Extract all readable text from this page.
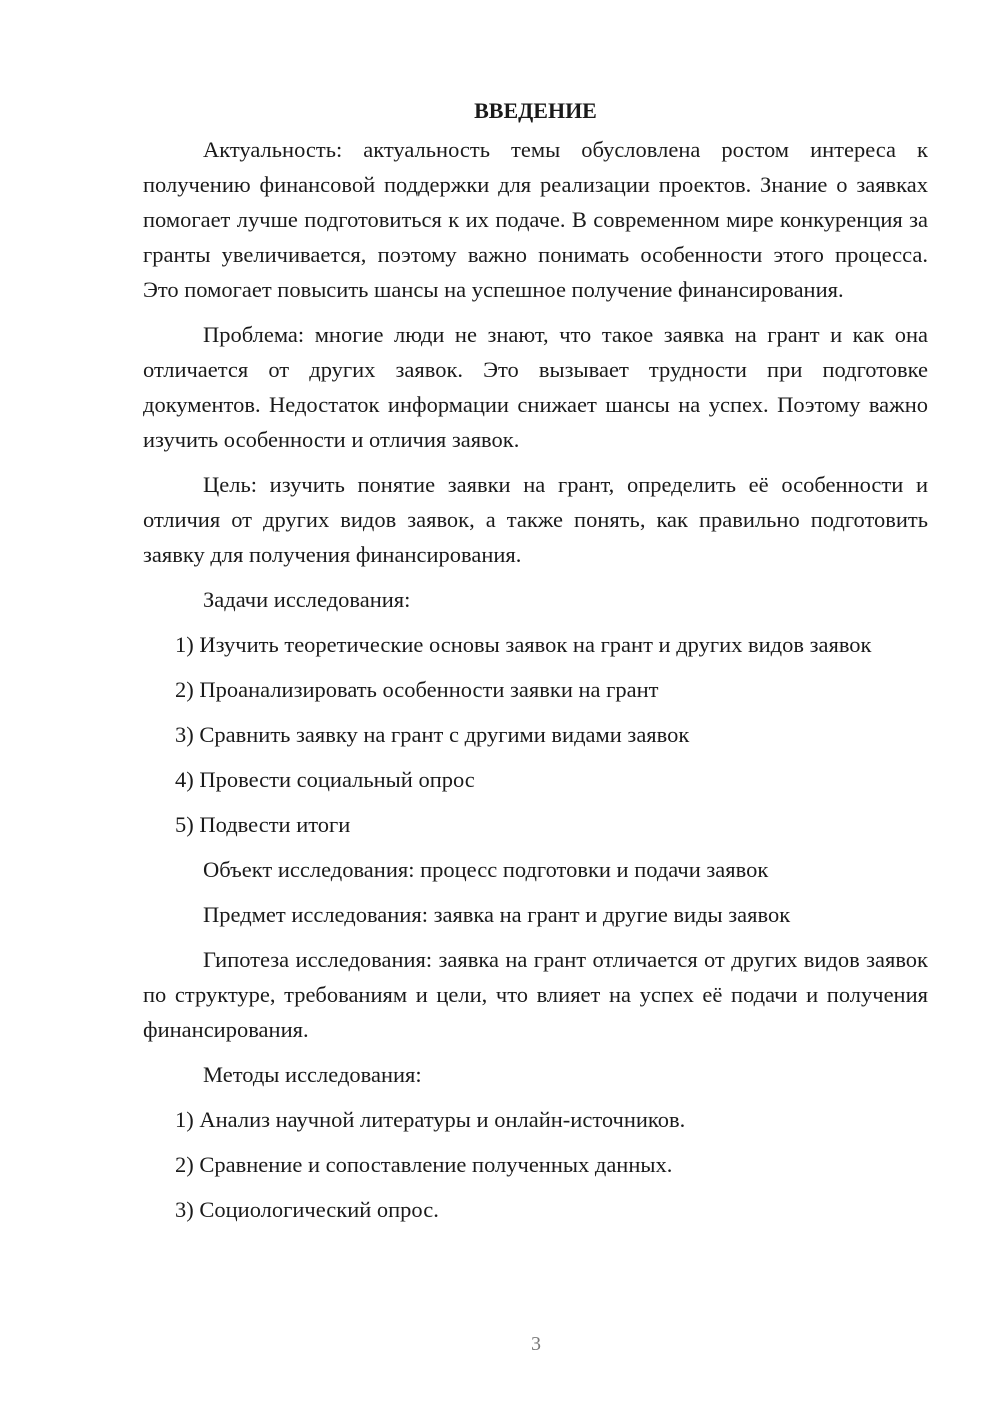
ВВЕДЕНИЕ

Актуальность: актуальность темы обусловлена ростом интереса к получению финансовой поддержки для реализации проектов. Знание о заявках помогает лучше подготовиться к их подаче. В современном мире конкуренция за гранты увеличивается, поэтому важно понимать особенности этого процесса. Это помогает повысить шансы на успешное получение финансирования.

Проблема: многие люди не знают, что такое заявка на грант и как она отличается от других заявок. Это вызывает трудности при подготовке документов. Недостаток информации снижает шансы на успех. Поэтому важно изучить особенности и отличия заявок.

Цель: изучить понятие заявки на грант, определить её особенности и отличия от других видов заявок, а также понять, как правильно подготовить заявку для получения финансирования.

Задачи исследования:

1) Изучить теоретические основы заявок на грант и других видов заявок

2) Проанализировать особенности заявки на грант

3) Сравнить заявку на грант с другими видами заявок

4) Провести социальный опрос

5) Подвести итоги

Объект исследования: процесс подготовки и подачи заявок

Предмет исследования: заявка на грант и другие виды заявок

Гипотеза исследования: заявка на грант отличается от других видов заявок по структуре, требованиям и цели, что влияет на успех её подачи и получения финансирования.

Методы исследования:

1) Анализ научной литературы и онлайн-источников.

2) Сравнение и сопоставление полученных данных.

3) Социологический опрос.

3
